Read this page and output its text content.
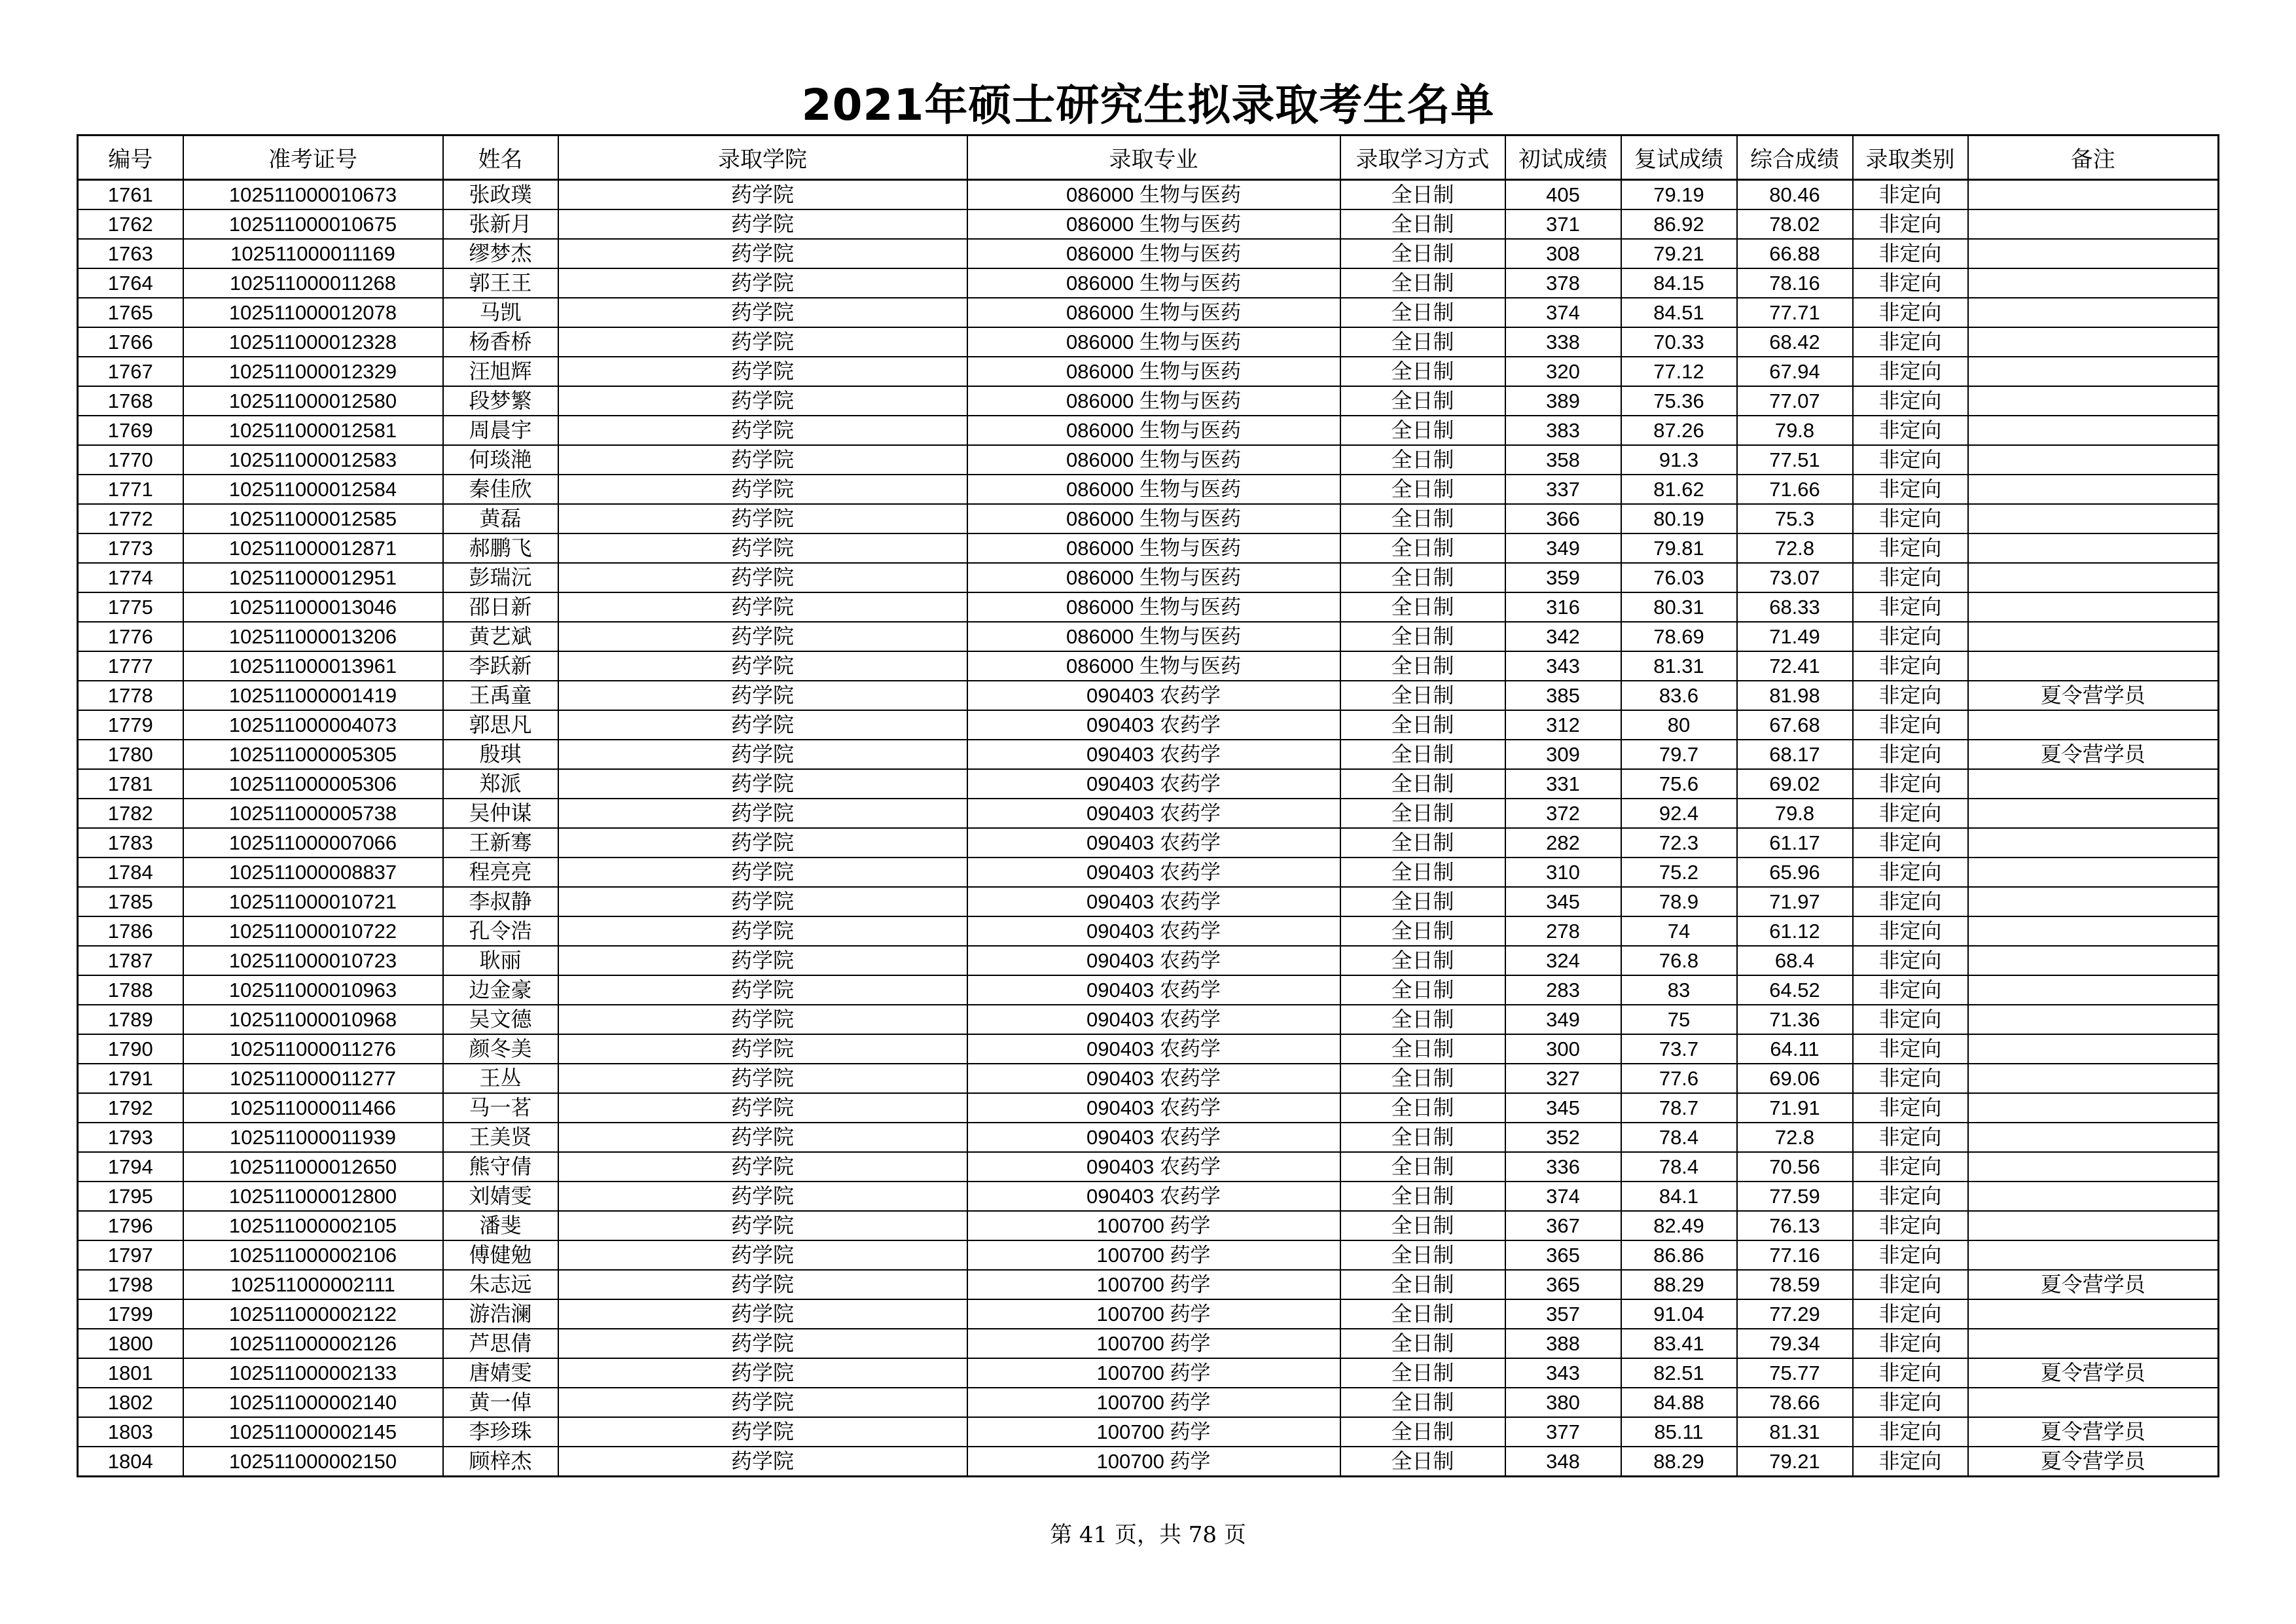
2021年硕士研究生拟录取考生名单
编号	准考证号	姓名	录取学院	录取专业	录取学习方式	初试成绩	复试成绩	综合成绩	录取类别	备注
1761	102511000010673	张政璞	药学院	086000 生物与医药	全日制	405	79.19	80.46	非定向	
1762	102511000010675	张新月	药学院	086000 生物与医药	全日制	371	86.92	78.02	非定向	
1763	102511000011169	缪梦杰	药学院	086000 生物与医药	全日制	308	79.21	66.88	非定向	
1764	102511000011268	郭王王	药学院	086000 生物与医药	全日制	378	84.15	78.16	非定向	
1765	102511000012078	马凯	药学院	086000 生物与医药	全日制	374	84.51	77.71	非定向	
1766	102511000012328	杨香桥	药学院	086000 生物与医药	全日制	338	70.33	68.42	非定向	
1767	102511000012329	汪旭辉	药学院	086000 生物与医药	全日制	320	77.12	67.94	非定向	
1768	102511000012580	段梦繁	药学院	086000 生物与医药	全日制	389	75.36	77.07	非定向	
1769	102511000012581	周晨宇	药学院	086000 生物与医药	全日制	383	87.26	79.8	非定向	
1770	102511000012583	何琰滟	药学院	086000 生物与医药	全日制	358	91.3	77.51	非定向	
1771	102511000012584	秦佳欣	药学院	086000 生物与医药	全日制	337	81.62	71.66	非定向	
1772	102511000012585	黄磊	药学院	086000 生物与医药	全日制	366	80.19	75.3	非定向	
1773	102511000012871	郝鹏飞	药学院	086000 生物与医药	全日制	349	79.81	72.8	非定向	
1774	102511000012951	彭瑞沅	药学院	086000 生物与医药	全日制	359	76.03	73.07	非定向	
1775	102511000013046	邵日新	药学院	086000 生物与医药	全日制	316	80.31	68.33	非定向	
1776	102511000013206	黄艺斌	药学院	086000 生物与医药	全日制	342	78.69	71.49	非定向	
1777	102511000013961	李跃新	药学院	086000 生物与医药	全日制	343	81.31	72.41	非定向	
1778	102511000001419	王禹童	药学院	090403 农药学	全日制	385	83.6	81.98	非定向	夏令营学员
1779	102511000004073	郭思凡	药学院	090403 农药学	全日制	312	80	67.68	非定向	
1780	102511000005305	殷琪	药学院	090403 农药学	全日制	309	79.7	68.17	非定向	夏令营学员
1781	102511000005306	郑派	药学院	090403 农药学	全日制	331	75.6	69.02	非定向	
1782	102511000005738	吴仲谋	药学院	090403 农药学	全日制	372	92.4	79.8	非定向	
1783	102511000007066	王新骞	药学院	090403 农药学	全日制	282	72.3	61.17	非定向	
1784	102511000008837	程亮亮	药学院	090403 农药学	全日制	310	75.2	65.96	非定向	
1785	102511000010721	李叔静	药学院	090403 农药学	全日制	345	78.9	71.97	非定向	
1786	102511000010722	孔令浩	药学院	090403 农药学	全日制	278	74	61.12	非定向	
1787	102511000010723	耿丽	药学院	090403 农药学	全日制	324	76.8	68.4	非定向	
1788	102511000010963	边金豪	药学院	090403 农药学	全日制	283	83	64.52	非定向	
1789	102511000010968	吴文德	药学院	090403 农药学	全日制	349	75	71.36	非定向	
1790	102511000011276	颜冬美	药学院	090403 农药学	全日制	300	73.7	64.11	非定向	
1791	102511000011277	王丛	药学院	090403 农药学	全日制	327	77.6	69.06	非定向	
1792	102511000011466	马一茗	药学院	090403 农药学	全日制	345	78.7	71.91	非定向	
1793	102511000011939	王美贤	药学院	090403 农药学	全日制	352	78.4	72.8	非定向	
1794	102511000012650	熊守倩	药学院	090403 农药学	全日制	336	78.4	70.56	非定向	
1795	102511000012800	刘婧雯	药学院	090403 农药学	全日制	374	84.1	77.59	非定向	
1796	102511000002105	潘斐	药学院	100700 药学	全日制	367	82.49	76.13	非定向	
1797	102511000002106	傅健勉	药学院	100700 药学	全日制	365	86.86	77.16	非定向	
1798	102511000002111	朱志远	药学院	100700 药学	全日制	365	88.29	78.59	非定向	夏令营学员
1799	102511000002122	游浩澜	药学院	100700 药学	全日制	357	91.04	77.29	非定向	
1800	102511000002126	芦思倩	药学院	100700 药学	全日制	388	83.41	79.34	非定向	
1801	102511000002133	唐婧雯	药学院	100700 药学	全日制	343	82.51	75.77	非定向	夏令营学员
1802	102511000002140	黄一倬	药学院	100700 药学	全日制	380	84.88	78.66	非定向	
1803	102511000002145	李珍珠	药学院	100700 药学	全日制	377	85.11	81.31	非定向	夏令营学员
1804	102511000002150	顾梓杰	药学院	100700 药学	全日制	348	88.29	79.21	非定向	夏令营学员
第 41 页，共 78 页
